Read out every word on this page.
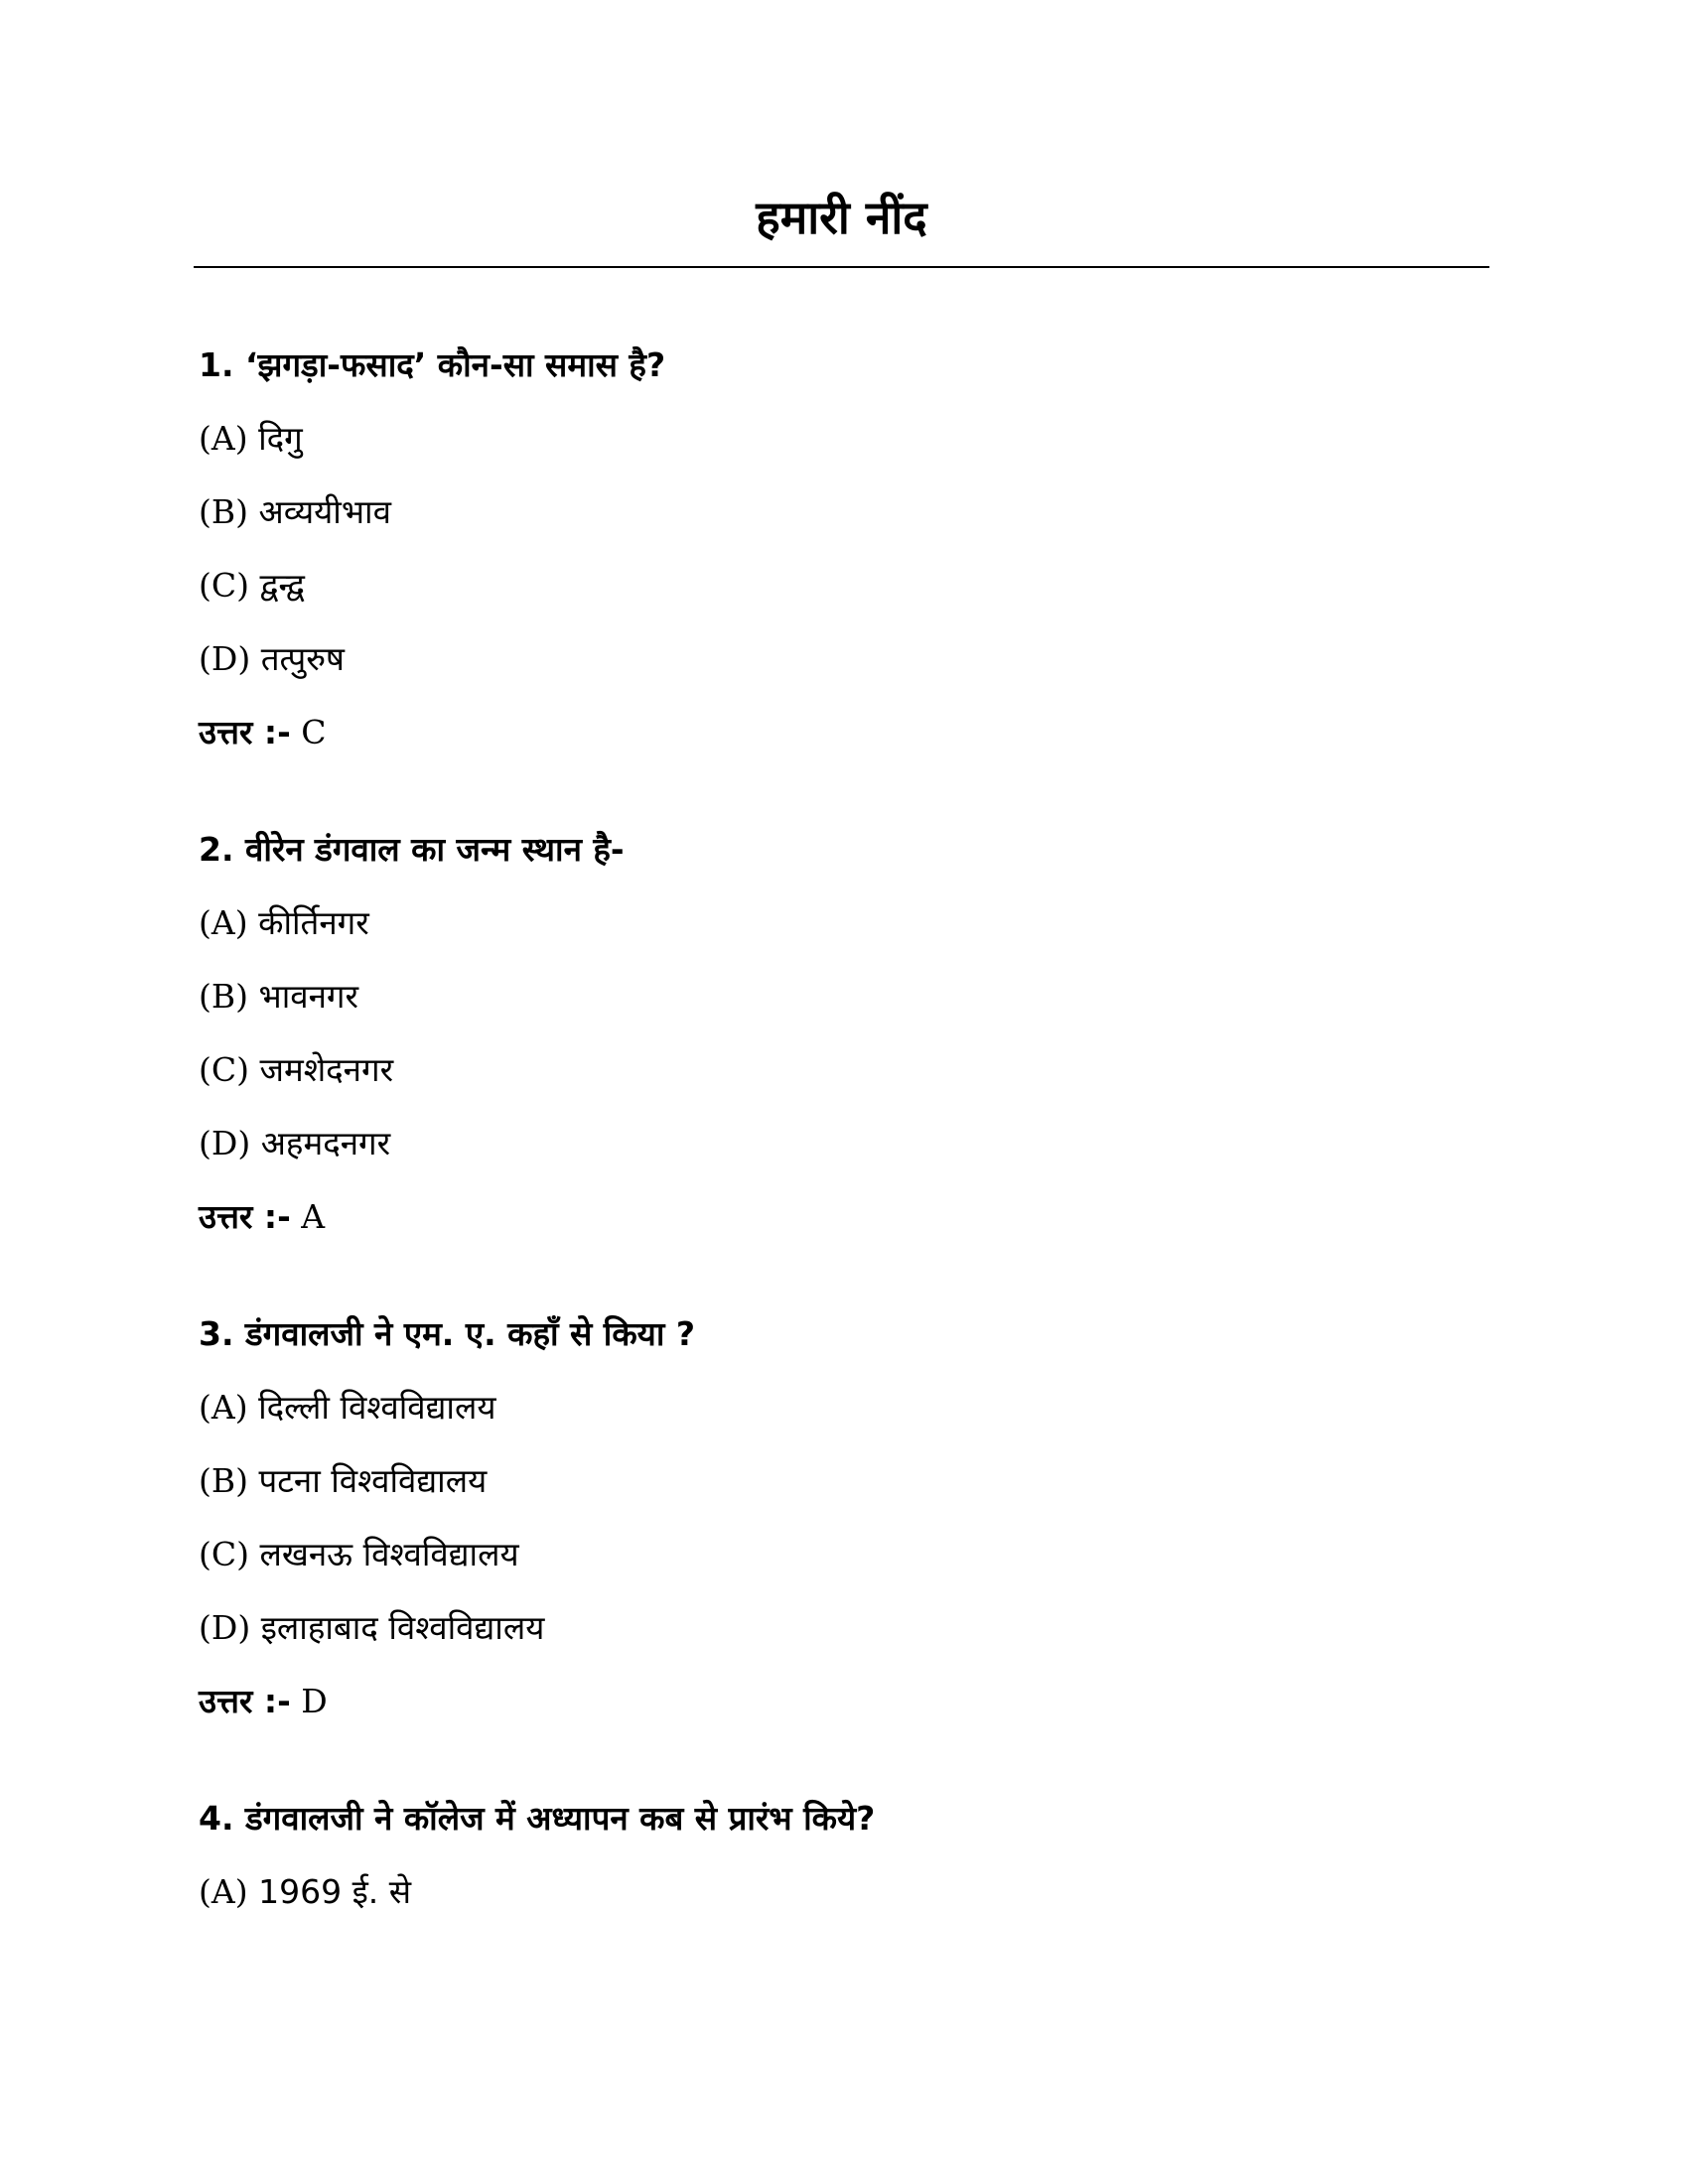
हमारी नींद

1. ‘झगड़ा-फसाद’ कौन-सा समास है?

(A) दिगु

(B) अव्ययीभाव

(C) द्वन्द्व

(D) तत्पुरुष

उत्तर :- C

2. वीरेन डंगवाल का जन्म स्थान है-

(A) कीर्तिनगर

(B) भावनगर

(C) जमशेदनगर

(D) अहमदनगर

उत्तर :- A

3. डंगवालजी ने एम. ए. कहाँ से किया ?

(A) दिल्ली विश्वविद्यालय

(B) पटना विश्वविद्यालय

(C) लखनऊ विश्वविद्यालय

(D) इलाहाबाद विश्वविद्यालय

उत्तर :- D

4. डंगवालजी ने कॉलेज में अध्यापन कब से प्रारंभ किये?

(A) 1969 ई. से
